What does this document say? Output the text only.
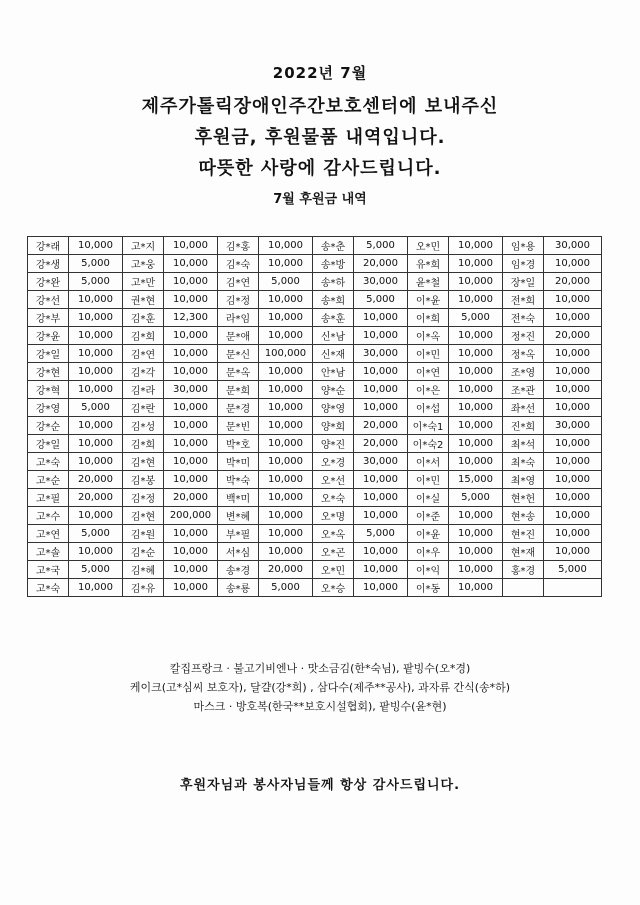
2022년 7월
제주가톨릭장애인주간보호센터에 보내주신
후원금, 후원물품 내역입니다.
따뜻한 사랑에 감사드립니다.
7월 후원금 내역
강*래	10,000	고*지	10,000	김*홍	10,000	송*춘	5,000	오*민	10,000	임*용	30,000
강*생	5,000	고*웅	10,000	김*숙	10,000	송*방	20,000	유*희	10,000	임*경	10,000
강*완	5,000	고*만	10,000	김*연	5,000	송*하	30,000	윤*철	10,000	장*일	20,000
강*선	10,000	권*현	10,000	김*정	10,000	송*희	5,000	이*윤	10,000	전*희	10,000
강*부	10,000	김*훈	12,300	라*임	10,000	송*훈	10,000	이*희	5,000	전*숙	10,000
강*윤	10,000	김*희	10,000	문*애	10,000	신*남	10,000	이*옥	10,000	정*진	20,000
강*일	10,000	김*연	10,000	문*신	100,000	신*재	30,000	이*민	10,000	정*옥	10,000
강*현	10,000	김*각	10,000	문*옥	10,000	안*남	10,000	이*연	10,000	조*영	10,000
강*혁	10,000	김*라	30,000	문*희	10,000	양*순	10,000	이*은	10,000	조*관	10,000
강*영	5,000	김*란	10,000	문*경	10,000	양*영	10,000	이*섭	10,000	좌*선	10,000
강*순	10,000	김*성	10,000	문*빈	10,000	양*희	20,000	이*숙1	10,000	진*희	30,000
강*일	10,000	김*희	10,000	박*호	10,000	양*진	20,000	이*숙2	10,000	최*석	10,000
고*숙	10,000	김*현	10,000	박*미	10,000	오*경	30,000	이*서	10,000	최*숙	10,000
고*순	20,000	김*봉	10,000	박*숙	10,000	오*선	10,000	이*민	15,000	최*영	10,000
고*필	20,000	김*정	20,000	백*미	10,000	오*숙	10,000	이*실	5,000	현*헌	10,000
고*수	10,000	김*현	200,000	변*혜	10,000	오*명	10,000	이*준	10,000	현*송	10,000
고*연	5,000	김*원	10,000	부*필	10,000	오*옥	5,000	이*윤	10,000	현*진	10,000
고*솔	10,000	김*순	10,000	서*심	10,000	오*곤	10,000	이*우	10,000	현*재	10,000
고*국	5,000	김*혜	10,000	송*경	20,000	오*민	10,000	이*익	10,000	홍*경	5,000
고*숙	10,000	김*유	10,000	송*룡	5,000	오*승	10,000	이*동	10,000		
칼집프랑크 · 불고기비엔나 · 맛소금김(한*숙님), 팥빙수(오*경)
케이크(고*심씨 보호자), 달걀(강*희) , 삼다수(제주**공사), 과자류 간식(송*하)
마스크 · 방호복(한국**보호시설협회), 팥빙수(윤*현)
후원자님과 봉사자님들께 항상 감사드립니다.
